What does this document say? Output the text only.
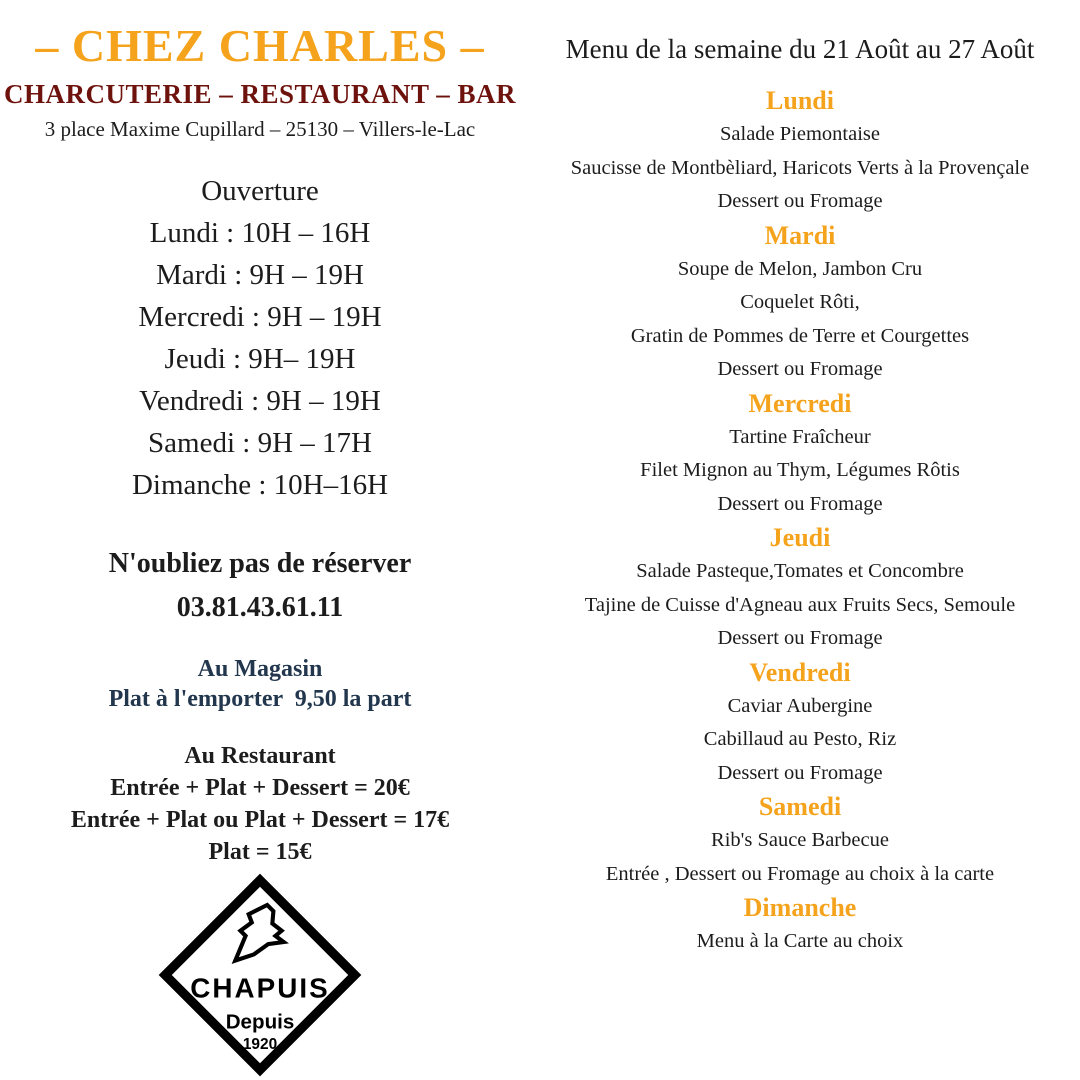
– CHEZ CHARLES –
CHARCUTERIE – RESTAURANT – BAR
3 place Maxime Cupillard – 25130 – Villers-le-Lac
Ouverture
Lundi : 10H – 16H
Mardi : 9H – 19H
Mercredi : 9H – 19H
Jeudi : 9H– 19H
Vendredi : 9H – 19H
Samedi : 9H – 17H
Dimanche : 10H–16H
N'oubliez pas de réserver
03.81.43.61.11
Au Magasin
Plat à l'emporter  9,50 la part
Au Restaurant
Entrée + Plat + Dessert = 20€
Entrée + Plat ou Plat + Dessert = 17€
Plat = 15€
CHAPUIS
Depuis
1920
Menu de la semaine du 21 Août au 27 Août
Lundi
Salade Piemontaise
Saucisse de Montbèliard, Haricots Verts à la Provençale
Dessert ou Fromage
Mardi
Soupe de Melon, Jambon Cru
Coquelet Rôti,
Gratin de Pommes de Terre et Courgettes
Dessert ou Fromage
Mercredi
Tartine Fraîcheur
Filet Mignon au Thym, Légumes Rôtis
Dessert ou Fromage
Jeudi
Salade Pasteque,Tomates et Concombre
Tajine de Cuisse d'Agneau aux Fruits Secs, Semoule
Dessert ou Fromage
Vendredi
Caviar Aubergine
Cabillaud au Pesto, Riz
Dessert ou Fromage
Samedi
Rib's Sauce Barbecue
Entrée , Dessert ou Fromage au choix à la carte
Dimanche
Menu à la Carte au choix
